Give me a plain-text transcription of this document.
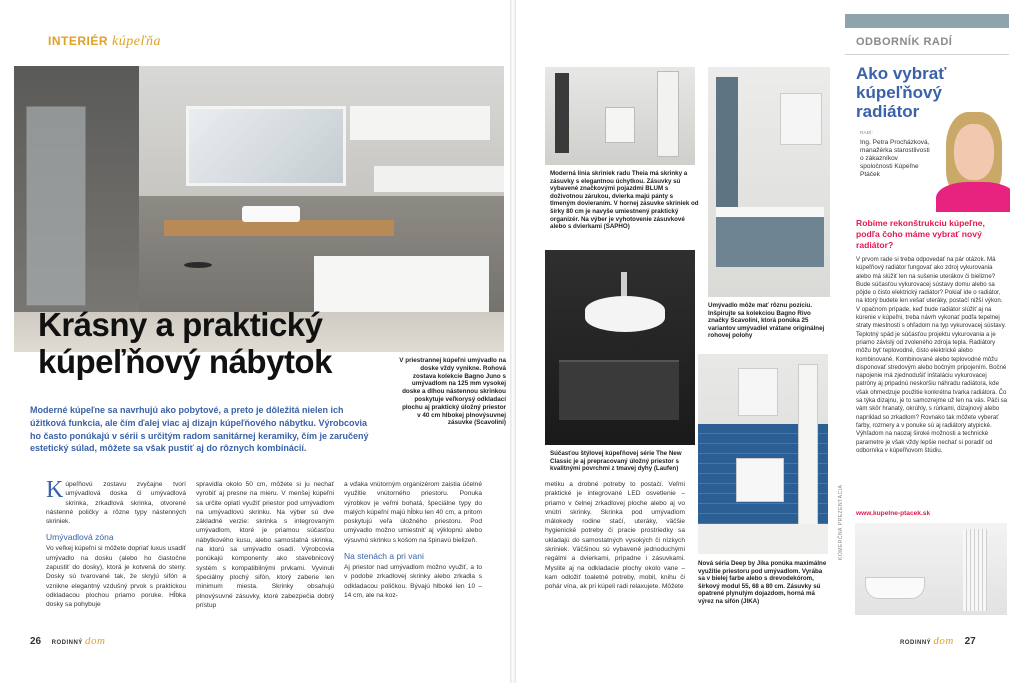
INTERIÉR kúpeľňa
Krásny a praktický
kúpeľňový nábytok	V priestrannej kúpeľni umývadlo na doske vždy vynikne. Rohová zostava kolekcie Bagno Juno s umývadlom na 125 mm vysokej doske a dlhou nástennou skrinkou poskytuje veľkorysý odkladací plochu aj praktický úložný priestor v 40 cm hlbokej plnovýsuvnej zásuvke (Scavolini)

Moderné kúpeľne sa navrhujú ako pobytové, a preto je dôležitá nielen ich úžitková funkcia, ale čím ďalej viac aj dizajn kúpeľňového nábytku. Výrobcovia ho často ponúkajú v sérii s určitým radom sanitárnej keramiky, čím je zaručený estetický súlad, môžete sa však pustiť aj do rôznych kombinácií.

Kúpeľňovú zostavu zvyčajne tvorí umývadlová doska či umývadlová skrinka, zrkadlová skrinka, otvorené nástenné poličky a rôzne typy nástenných skriniek.

Umývadlová zóna

Vo veľkej kúpeľni si môžete dopriať luxus usadiť umývadlo na dosku (alebo ho čiastočne zapustiť do dosky), ktorá je kotvená do steny. Dosky sú tvarované tak, že skryjú sifón a vznikne elegantný vzdušný prvok s praktickou odkladacou plochou priamo poruke. Hĺbka dosky sa pohybuje

spravidla okolo 50 cm, môžete si ju nechať vyrobiť aj presne na mieru. V menšej kúpeľni sa určite oplatí využiť priestor pod umývadlom na umývadlovú skrinku. Na výber sú dve základné verzie: skrinka s integrovaným umývadlom, ktoré je priamou súčasťou nábytkového kusu, alebo samostatná skrinka, na ktorú sa umývadlo osadí. Výrobcovia ponúkajú komponenty ako stavebnicový systém s kompatibilnými prvkami. Vyvinuli špeciálny plochý sifón, ktorý zaberie len minimum miesta. Skrinky obsahujú plnovýsuvné zásuvky, ktoré zabezpečia dobrý prístup

a vďaka vnútorným organizérom zaistia účelné využitie vnútorného priestoru. Ponuka výrobkov je veľmi bohatá, špeciálne typy do malých kúpeľní majú hĺbku len 40 cm, a pritom poskytujú veľa úložného priestoru. Pod umývadlo možno umiestniť aj výklopnú alebo výsuvnú skrinku s košom na špinavú bielizeň.

Na stenách a pri vani

Aj priestor nad umývadlom možno využiť, a to v podobe zrkadlovej skrinky alebo zrkadla s odkladacou poličkou. Bývajú hlboké len 10 – 14 cm, ale na koz-

26 RODINNÝ dom

Moderná línia skriniek radu Theia má skrinky a zásuvky s elegantnou úchytkou. Zásuvky sú vybavené značkovými pojazdmi BLUM s doživotnou zárukou, dvierka majú pánty s tlmeným dovieraním. V hornej zásuvke skriniek od šírky 80 cm je navyše umiestnený praktický organizér. Na výber je vyhotovenie zásuvkové alebo s dvierkami (SAPHO)

Umývadlo môže mať rôznu pozíciu. Inšpirujte sa kolekciou Bagno Rivo značky Scavolini, ktorá ponúka 25 variantov umývadiel vrátane originálnej rohovej polohy

Súčasťou štýlovej kúpeľňovej série The New Classic je aj prepracovaný úložný priestor s kvalitnými povrchmi z tmavej dyhy (Laufen)

Nová séria Deep by Jika ponúka maximálne využitie priestoru pod umývadlom. Vyrába sa v bielej farbe alebo s drevodekórom, šírkový modul 55, 68 a 80 cm. Zásuvky sú opatrené plynulým dojazdom, horná má výrez na sifón (JIKA)

metiku a drobné potreby to postačí. Veľmi praktické je integrované LED osvetlenie – priamo v čelnej zrkadlovej ploche alebo aj vo vnútri skrinky. Skrinka pod umývadlom málokedy rodine stačí, uteráky, väčšie hygienické potreby či pracie prostriedky sa ukladajú do samostatných vysokých či nízkych skriniek. Väčšinou sú vybavené jednoduchými regálmi a dvierkami, prípadne i zásuvkami. Myslite aj na odkladacie plochy okolo vane – kam odložiť toaletné potreby, mobil, knihu či pohár vína, ak pri kúpeli radi relaxujete. Môžete

KOMERČNÁ PREZENTÁCIA
ODBORNÍK RADÍ
Ako vybrať kúpeľňový radiátor
RADÍ:
Ing. Petra Procházková, manažérka starostlivosti o zákazníkov spoločnosti Kúpeľne Ptáček
Robíme rekonštrukciu kúpeľne, podľa čoho máme vybrať nový radiátor?

V prvom rade si treba odpovedať na pár otázok. Má kúpeľňový radiátor fungovať ako zdroj vykurovania alebo má slúžiť len na sušenie uterákov či bielizne? Bude súčasťou vykurovacej sústavy domu alebo sa pôjde o čisto elektrický radiátor? Pokiaľ ide o radiátor, na ktorý budete len vešať uteráky, postačí nižší výkon. V opačnom prípade, keď bude radiátor slúžiť aj na kúrenie v kúpeľni, treba návrh vykonať podľa tepelnej straty miestnosti s ohľadom na typ vykurovacej sústavy. Teplotný spád je súčasťou projektu vykurovania a je priamo závislý od zvoleného zdroja tepla. Radiátory môžu byť teplovodné, čisto elektrické alebo kombinované. Kombinované alebo teplovodné môžu disponovať stredovým alebo bočným pripojením. Bočné napojenie má zjednodušiť inštaláciu vykurovacej patróny aj pripadnú neskoršiu náhradu radiátora, kde však ohmedzuje použitie konkrétna tvarka radiátora. Čo sa týka dizajnu, je to samozrejme už len na vás. Páči sa vám skôr hranatý, okrúhly, s rúrkami, dizajnový alebo napríklad so zrkadlom? Rovnako tak môžete vyberať farby, rozmery a v ponuke sú aj radiátory atypické. Výhľadom na naozaj široké možnosti a technické parametre je však vždy lepšie nechať si poradiť od odborníka v kúpeľňovom štúdiu.

www.kupelne-ptacek.sk
RODINNÝ dom 27
